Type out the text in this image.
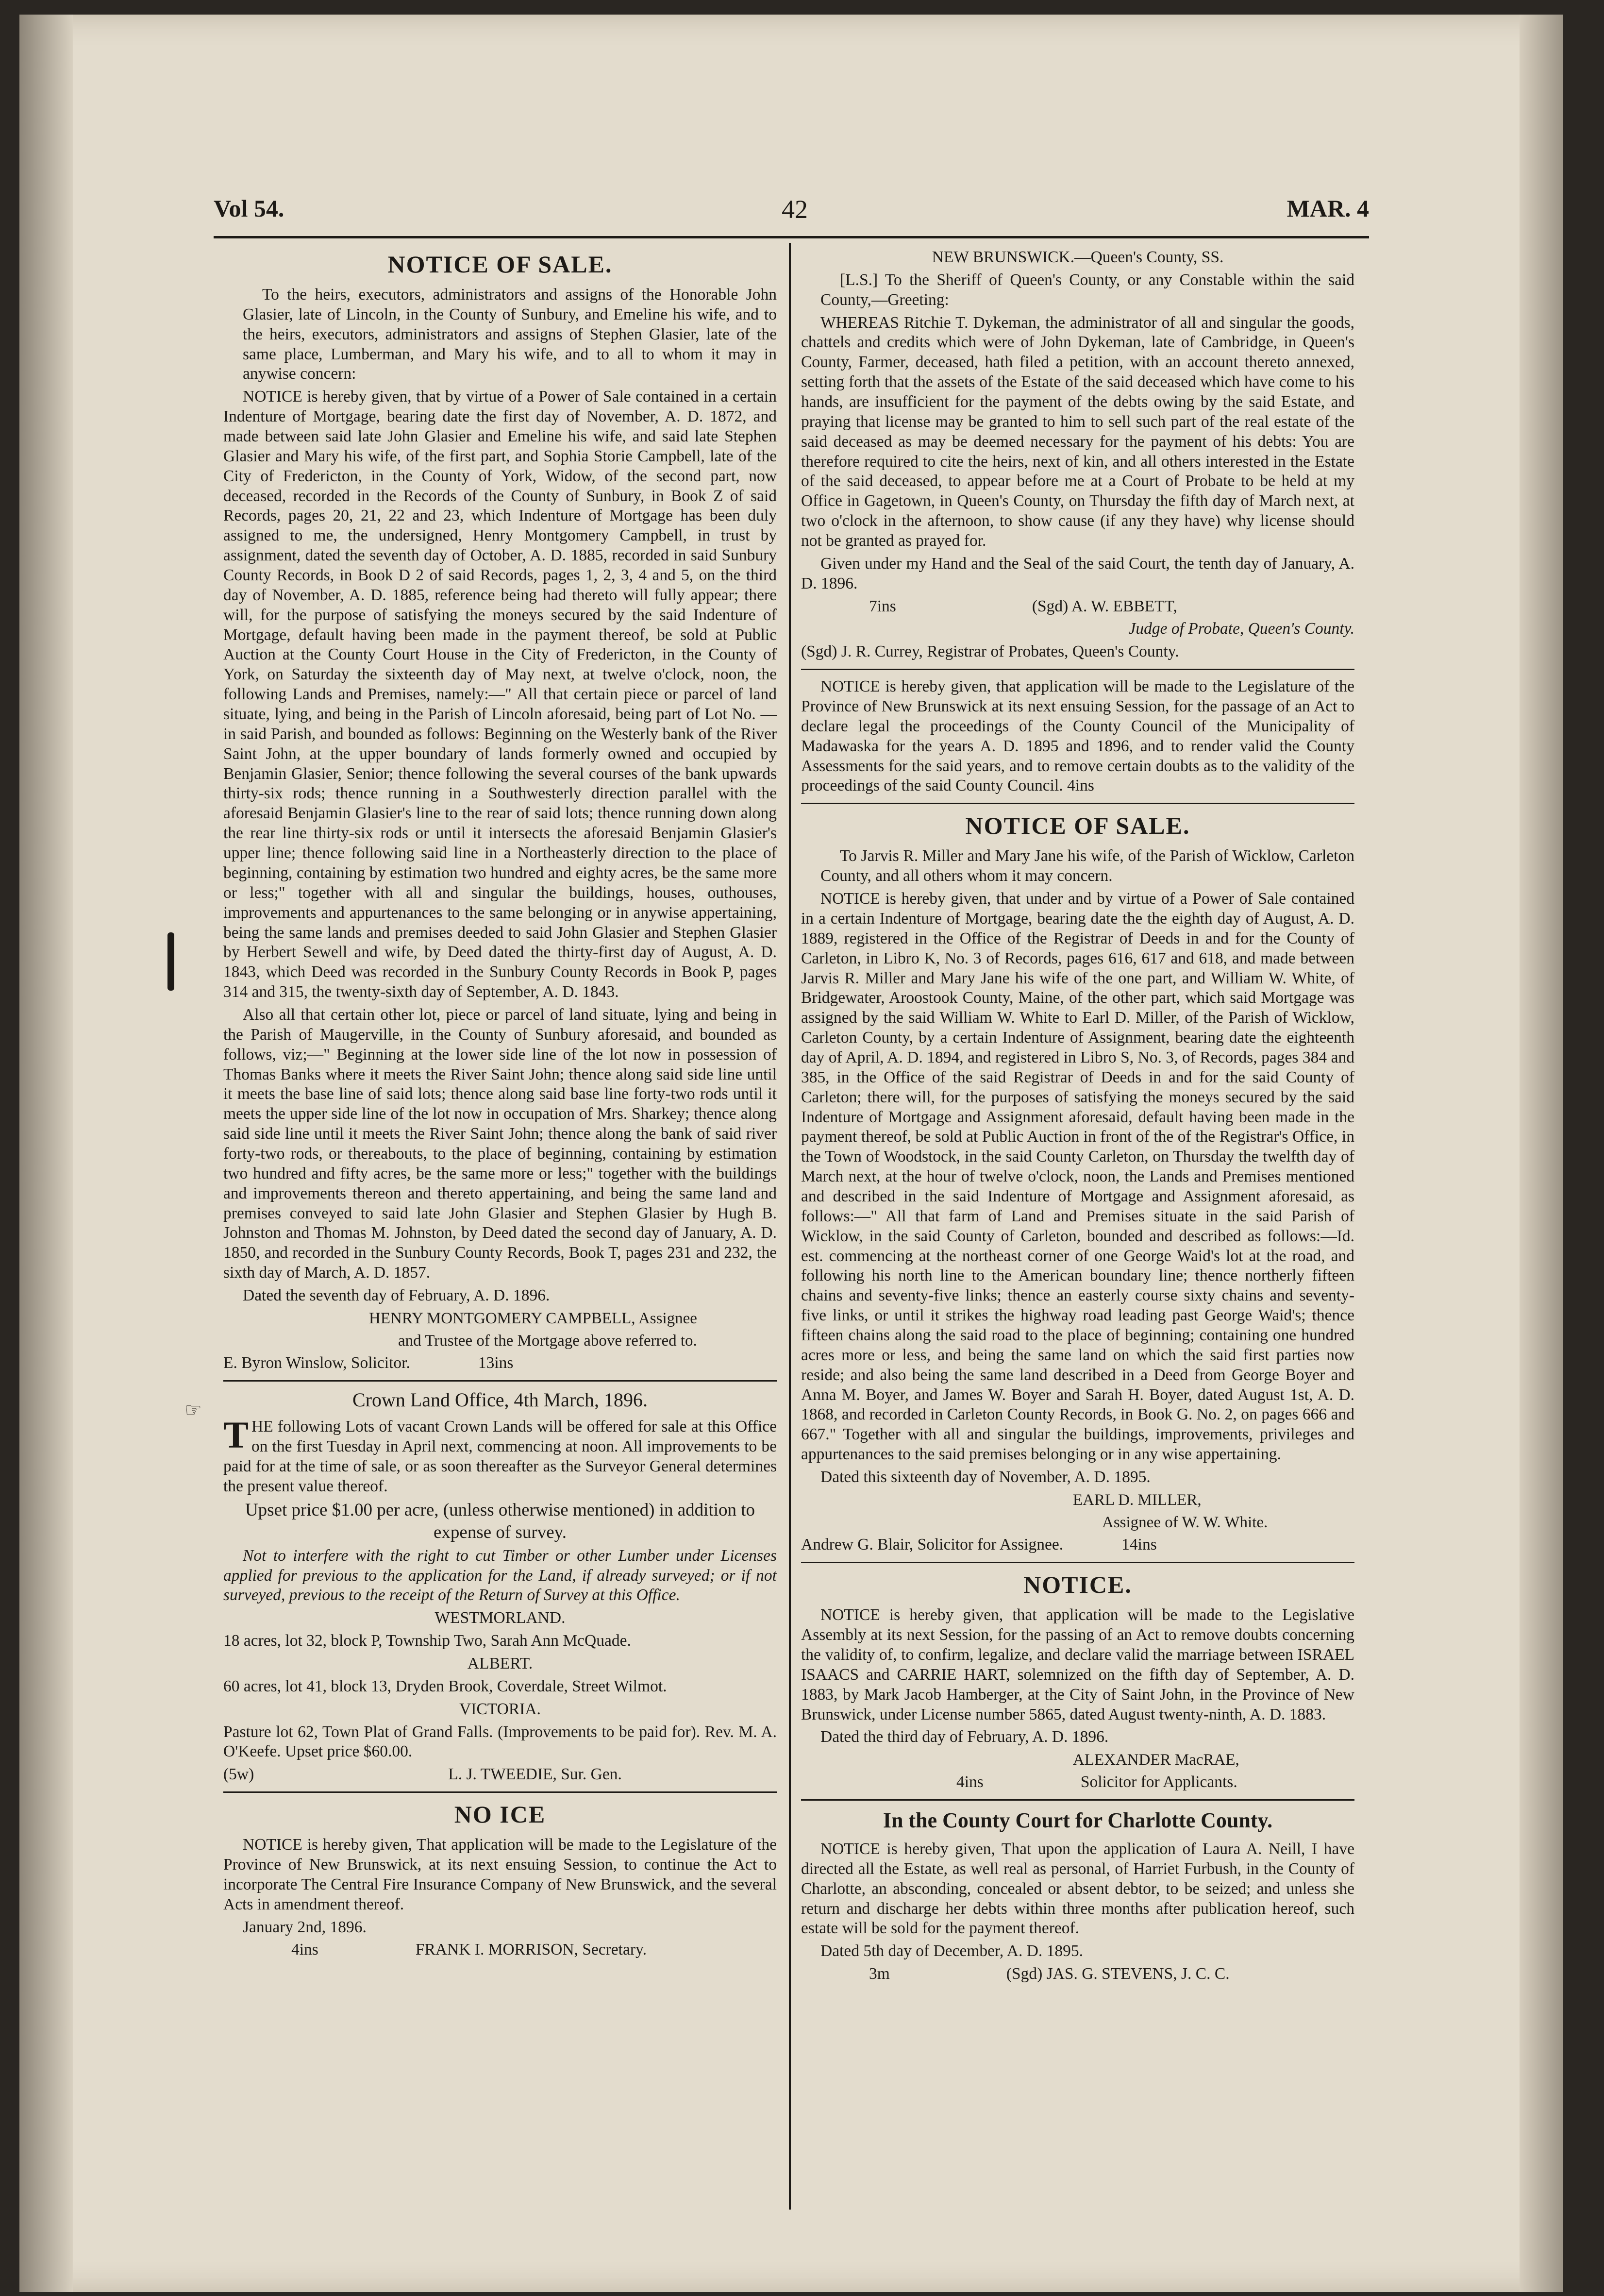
Vol 54.	42	MAR. 4
☞
NOTICE OF SALE.

To the heirs, executors, administrators and assigns of the Honorable John Glasier, late of Lincoln, in the County of Sunbury, and Emeline his wife, and to the heirs, executors, administrators and assigns of Stephen Glasier, late of the same place, Lumberman, and Mary his wife, and to all to whom it may in anywise concern:

NOTICE is hereby given, that by virtue of a Power of Sale contained in a certain Indenture of Mortgage, bearing date the first day of November, A. D. 1872, and made between said late John Glasier and Emeline his wife, and said late Stephen Glasier and Mary his wife, of the first part, and Sophia Storie Campbell, late of the City of Fredericton, in the County of York, Widow, of the second part, now deceased, recorded in the Records of the County of Sunbury, in Book Z of said Records, pages 20, 21, 22 and 23, which Indenture of Mortgage has been duly assigned to me, the undersigned, Henry Montgomery Campbell, in trust by assignment, dated the seventh day of October, A. D. 1885, recorded in said Sunbury County Records, in Book D 2 of said Records, pages 1, 2, 3, 4 and 5, on the third day of November, A. D. 1885, reference being had thereto will fully appear; there will, for the purpose of satisfying the moneys secured by the said Indenture of Mortgage, default having been made in the payment thereof, be sold at Public Auction at the County Court House in the City of Fredericton, in the County of York, on Saturday the sixteenth day of May next, at twelve o'clock, noon, the following Lands and Premises, namely:—" All that certain piece or parcel of land situate, lying, and being in the Parish of Lincoln aforesaid, being part of Lot No. — in said Parish, and bounded as follows: Beginning on the Westerly bank of the River Saint John, at the upper boundary of lands formerly owned and occupied by Benjamin Glasier, Senior; thence following the several courses of the bank upwards thirty-six rods; thence running in a Southwesterly direction parallel with the aforesaid Benjamin Glasier's line to the rear of said lots; thence running down along the rear line thirty-six rods or until it intersects the aforesaid Benjamin Glasier's upper line; thence following said line in a Northeasterly direction to the place of beginning, containing by estimation two hundred and eighty acres, be the same more or less;" together with all and singular the buildings, houses, outhouses, improvements and appurtenances to the same belonging or in anywise appertaining, being the same lands and premises deeded to said John Glasier and Stephen Glasier by Herbert Sewell and wife, by Deed dated the thirty-first day of August, A. D. 1843, which Deed was recorded in the Sunbury County Records in Book P, pages 314 and 315, the twenty-sixth day of September, A. D. 1843.

Also all that certain other lot, piece or parcel of land situate, lying and being in the Parish of Maugerville, in the County of Sunbury aforesaid, and bounded as follows, viz;—" Beginning at the lower side line of the lot now in possession of Thomas Banks where it meets the River Saint John; thence along said side line until it meets the base line of said lots; thence along said base line forty-two rods until it meets the upper side line of the lot now in occupation of Mrs. Sharkey; thence along said side line until it meets the River Saint John; thence along the bank of said river forty-two rods, or thereabouts, to the place of beginning, containing by estimation two hundred and fifty acres, be the same more or less;" together with the buildings and improvements thereon and thereto appertaining, and being the same land and premises conveyed to said late John Glasier and Stephen Glasier by Hugh B. Johnston and Thomas M. Johnston, by Deed dated the second day of January, A. D. 1850, and recorded in the Sunbury County Records, Book T, pages 231 and 232, the sixth day of March, A. D. 1857.

Dated the seventh day of February, A. D. 1896.

HENRY MONTGOMERY CAMPBELL, Assignee

and Trustee of the Mortgage above referred to.

E. Byron Winslow, Solicitor.	13ins

Crown Land Office, 4th March, 1896.

THE following Lots of vacant Crown Lands will be offered for sale at this Office on the first Tuesday in April next, commencing at noon. All improvements to be paid for at the time of sale, or as soon thereafter as the Surveyor General determines the present value thereof.

Upset price $1.00 per acre, (unless otherwise mentioned) in addition to expense of survey.

Not to interfere with the right to cut Timber or other Lumber under Licenses applied for previous to the application for the Land, if already surveyed; or if not surveyed, previous to the receipt of the Return of Survey at this Office.

WESTMORLAND.

18 acres, lot 32, block P, Township Two, Sarah Ann McQuade.

ALBERT.

60 acres, lot 41, block 13, Dryden Brook, Coverdale, Street Wilmot.

VICTORIA.

Pasture lot 62, Town Plat of Grand Falls. (Improvements to be paid for). Rev. M. A. O'Keefe. Upset price $60.00.

(5w)	L. J. TWEEDIE, Sur. Gen.

NO ICE

NOTICE is hereby given, That application will be made to the Legislature of the Province of New Brunswick, at its next ensuing Session, to continue the Act to incorporate The Central Fire Insurance Company of New Brunswick, and the several Acts in amendment thereof.

January 2nd, 1896.

4ins	FRANK I. MORRISON, Secretary.

NEW BRUNSWICK.—Queen's County, SS.

[L.S.] To the Sheriff of Queen's County, or any Constable within the said County,—Greeting:

WHEREAS Ritchie T. Dykeman, the administrator of all and singular the goods, chattels and credits which were of John Dykeman, late of Cambridge, in Queen's County, Farmer, deceased, hath filed a petition, with an account thereto annexed, setting forth that the assets of the Estate of the said deceased which have come to his hands, are insufficient for the payment of the debts owing by the said Estate, and praying that license may be granted to him to sell such part of the real estate of the said deceased as may be deemed necessary for the payment of his debts: You are therefore required to cite the heirs, next of kin, and all others interested in the Estate of the said deceased, to appear before me at a Court of Probate to be held at my Office in Gagetown, in Queen's County, on Thursday the fifth day of March next, at two o'clock in the afternoon, to show cause (if any they have) why license should not be granted as prayed for.

Given under my Hand and the Seal of the said Court, the tenth day of January, A. D. 1896.

7ins	(Sgd) A. W. EBBETT,

Judge of Probate, Queen's County.

(Sgd) J. R. Currey, Registrar of Probates, Queen's County.

NOTICE is hereby given, that application will be made to the Legislature of the Province of New Brunswick at its next ensuing Session, for the passage of an Act to declare legal the proceedings of the County Council of the Municipality of Madawaska for the years A. D. 1895 and 1896, and to render valid the County Assessments for the said years, and to remove certain doubts as to the validity of the proceedings of the said County Council. 4ins

NOTICE OF SALE.

To Jarvis R. Miller and Mary Jane his wife, of the Parish of Wicklow, Carleton County, and all others whom it may concern.

NOTICE is hereby given, that under and by virtue of a Power of Sale contained in a certain Indenture of Mortgage, bearing date the the eighth day of August, A. D. 1889, registered in the Office of the Registrar of Deeds in and for the County of Carleton, in Libro K, No. 3 of Records, pages 616, 617 and 618, and made between Jarvis R. Miller and Mary Jane his wife of the one part, and William W. White, of Bridgewater, Aroostook County, Maine, of the other part, which said Mortgage was assigned by the said William W. White to Earl D. Miller, of the Parish of Wicklow, Carleton County, by a certain Indenture of Assignment, bearing date the eighteenth day of April, A. D. 1894, and registered in Libro S, No. 3, of Records, pages 384 and 385, in the Office of the said Registrar of Deeds in and for the said County of Carleton; there will, for the purposes of satisfying the moneys secured by the said Indenture of Mortgage and Assignment aforesaid, default having been made in the payment thereof, be sold at Public Auction in front of the of the Registrar's Office, in the Town of Woodstock, in the said County Carleton, on Thursday the twelfth day of March next, at the hour of twelve o'clock, noon, the Lands and Premises mentioned and described in the said Indenture of Mortgage and Assignment aforesaid, as follows:—" All that farm of Land and Premises situate in the said Parish of Wicklow, in the said County of Carleton, bounded and described as follows:—Id. est. commencing at the northeast corner of one George Waid's lot at the road, and following his north line to the American boundary line; thence northerly fifteen chains and seventy-five links; thence an easterly course sixty chains and seventy-five links, or until it strikes the highway road leading past George Waid's; thence fifteen chains along the said road to the place of beginning; containing one hundred acres more or less, and being the same land on which the said first parties now reside; and also being the same land described in a Deed from George Boyer and Anna M. Boyer, and James W. Boyer and Sarah H. Boyer, dated August 1st, A. D. 1868, and recorded in Carleton County Records, in Book G. No. 2, on pages 666 and 667." Together with all and singular the buildings, improvements, privileges and appurtenances to the said premises belonging or in any wise appertaining.

Dated this sixteenth day of November, A. D. 1895.

EARL D. MILLER,

Assignee of W. W. White.

Andrew G. Blair, Solicitor for Assignee.	14ins

NOTICE.

NOTICE is hereby given, that application will be made to the Legislative Assembly at its next Session, for the passing of an Act to remove doubts concerning the validity of, to confirm, legalize, and declare valid the marriage between ISRAEL ISAACS and CARRIE HART, solemnized on the fifth day of September, A. D. 1883, by Mark Jacob Hamberger, at the City of Saint John, in the Province of New Brunswick, under License number 5865, dated August twenty-ninth, A. D. 1883.

Dated the third day of February, A. D. 1896.

ALEXANDER MacRAE,

4ins	Solicitor for Applicants.

In the County Court for Charlotte County.

NOTICE is hereby given, That upon the application of Laura A. Neill, I have directed all the Estate, as well real as personal, of Harriet Furbush, in the County of Charlotte, an absconding, concealed or absent debtor, to be seized; and unless she return and discharge her debts within three months after publication hereof, such estate will be sold for the payment thereof.

Dated 5th day of December, A. D. 1895.

3m	(Sgd) JAS. G. STEVENS, J. C. C.
